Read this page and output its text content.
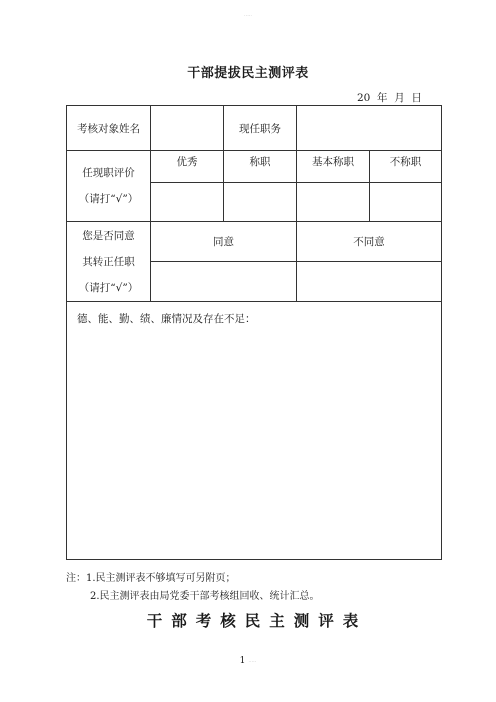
·····
干部提拔民主测评表
20  年  月  日
考核对象姓名		现任职务		

任现职评价
（请打“√”）	优秀	称职	基本称职	不称职

您是否同意
其转正任职
（请打“√”）	同意		不同意	

德、能、勤、绩、廉情况及存在不足：				
注：1.民主测评表不够填写可另附页；
2.民主测评表由局党委干部考核组回收、统计汇总。
干部考核民主测评表
1 ·····
